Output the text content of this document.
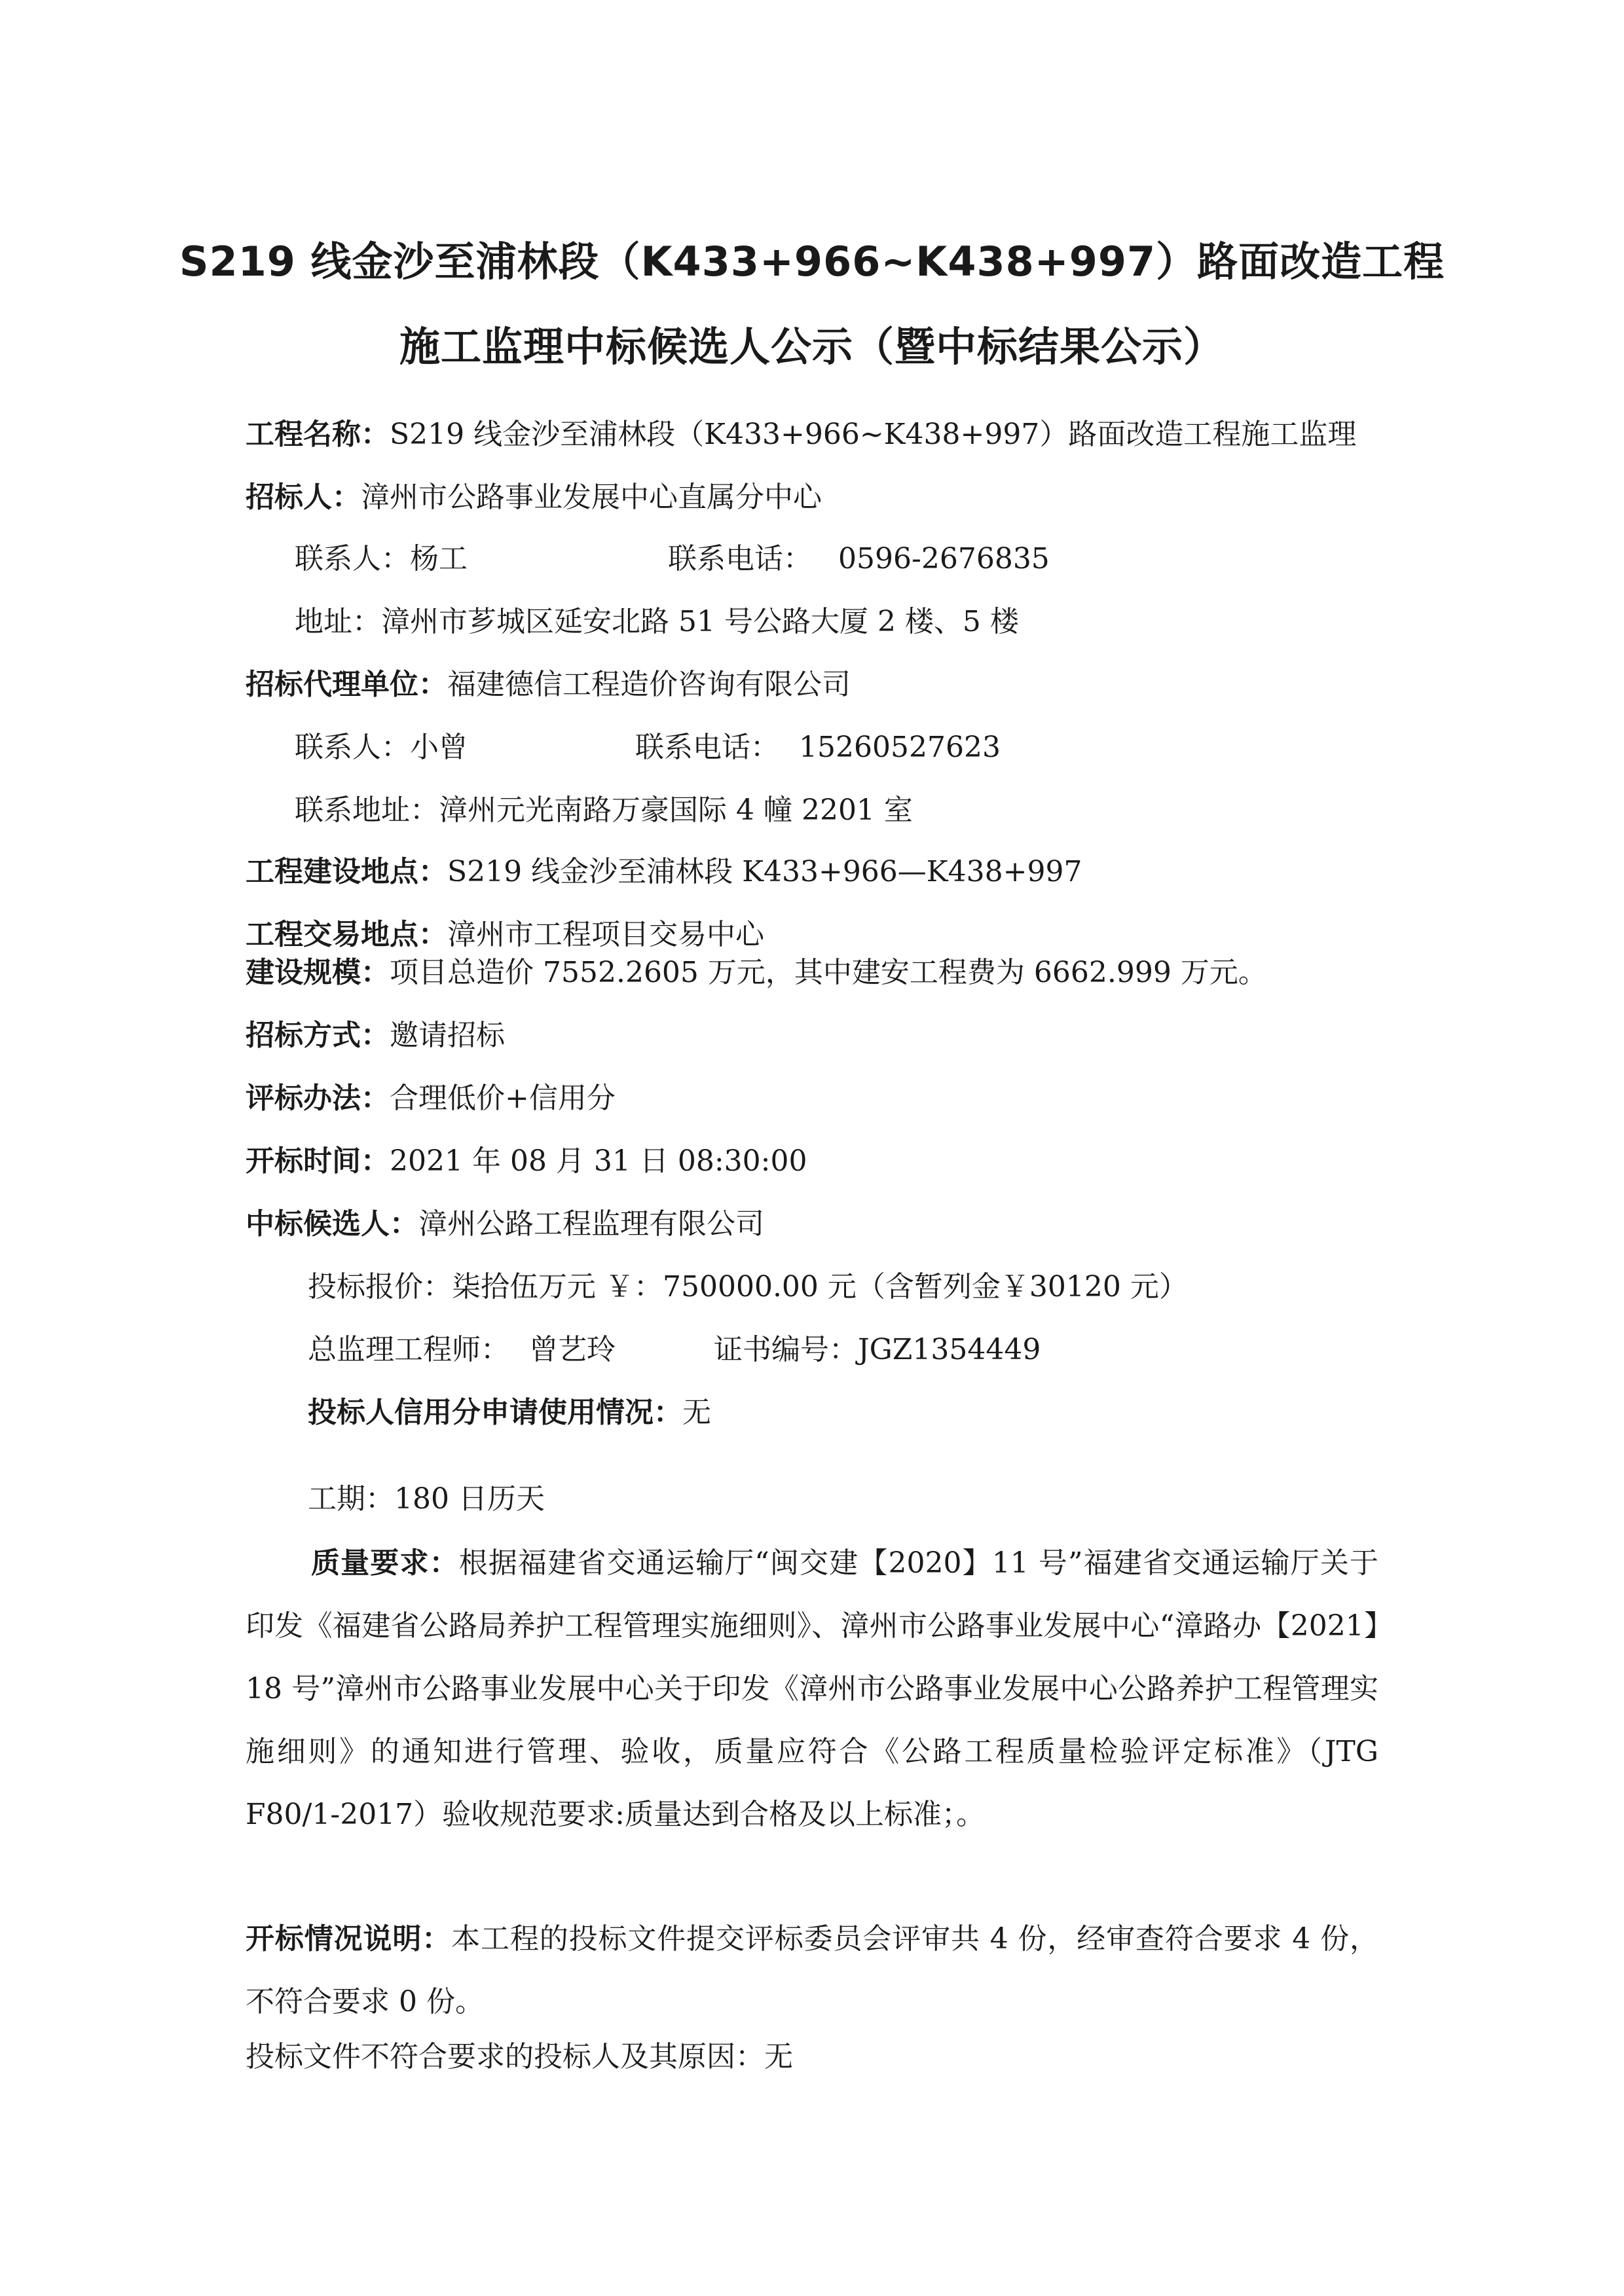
S219 线金沙至浦林段（K433+966~K438+997）路面改造工程
施工监理中标候选人公示（暨中标结果公示）
工程名称：S219 线金沙至浦林段（K433+966~K438+997）路面改造工程施工监理
招标人：漳州市公路事业发展中心直属分中心
联系人：杨工	联系电话： 0596-2676835
地址：漳州市芗城区延安北路 51 号公路大厦 2 楼、5 楼
招标代理单位：福建德信工程造价咨询有限公司
联系人：小曾	联系电话： 15260527623
联系地址：漳州元光南路万豪国际 4 幢 2201 室
工程建设地点：S219 线金沙至浦林段 K433+966—K438+997
工程交易地点：漳州市工程项目交易中心
建设规模：项目总造价 7552.2605 万元，其中建安工程费为 6662.999 万元。
招标方式：邀请招标
评标办法：合理低价+信用分
开标时间：2021 年 08 月 31 日 08:30:00
中标候选人：漳州公路工程监理有限公司
投标报价：柒拾伍万元 ￥：750000.00 元（含暂列金￥30120 元）
总监理工程师： 曾艺玲	证书编号：JGZ1354449
投标人信用分申请使用情况：无
工期：180 日历天
质量要求：根据福建省交通运输厅“闽交建【2020】11 号”福建省交通运输厅关于印发《福建省公路局养护工程管理实施细则》、漳州市公路事业发展中心“漳路办【2021】18 号”漳州市公路事业发展中心关于印发《漳州市公路事业发展中心公路养护工程管理实施细则》的通知进行管理、验收，质量应符合《公路工程质量检验评定标准》（JTG F80/1-2017）验收规范要求:质量达到合格及以上标准；。
开标情况说明：本工程的投标文件提交评标委员会评审共 4 份，经审查符合要求 4 份，不符合要求 0 份。
投标文件不符合要求的投标人及其原因：无
